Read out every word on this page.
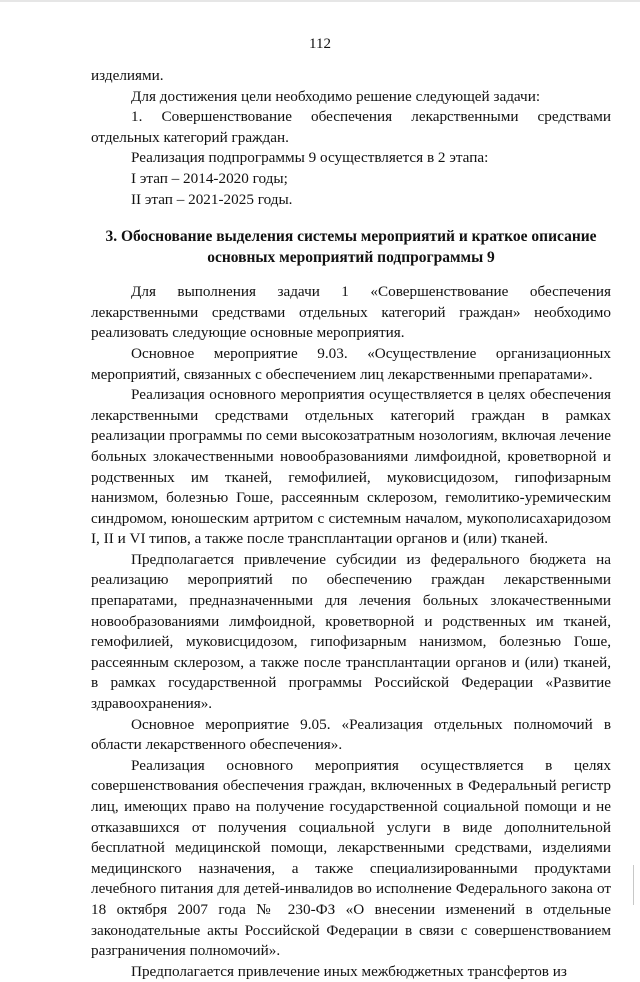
112

изделиями.

Для достижения цели необходимо решение следующей задачи:

1. Совершенствование обеспечения лекарственными средствами отдельных категорий граждан.

Реализация подпрограммы 9 осуществляется в 2 этапа:

I этап – 2014-2020 годы;

II этап – 2021-2025 годы.

3. Обоснование выделения системы мероприятий и краткое описание основных мероприятий подпрограммы 9

Для выполнения задачи 1 «Совершенствование обеспечения лекарственными средствами отдельных категорий граждан» необходимо реализовать следующие основные мероприятия.

Основное мероприятие 9.03. «Осуществление организационных мероприятий, связанных с обеспечением лиц лекарственными препаратами».

Реализация основного мероприятия осуществляется в целях обеспечения лекарственными средствами отдельных категорий граждан в рамках реализации программы по семи высокозатратным нозологиям, включая лечение больных злокачественными новообразованиями лимфоидной, кроветворной и родственных им тканей, гемофилией, муковисцидозом, гипофизарным нанизмом, болезнью Гоше, рассеянным склерозом, гемолитико-уремическим синдромом, юношеским артритом с системным началом, мукополисахаридозом I, II и VI типов, а также после трансплантации органов и (или) тканей.

Предполагается привлечение субсидии из федерального бюджета на реализацию мероприятий по обеспечению граждан лекарственными препаратами, предназначенными для лечения больных злокачественными новообразованиями лимфоидной, кроветворной и родственных им тканей, гемофилией, муковисцидозом, гипофизарным нанизмом, болезнью Гоше, рассеянным склерозом, а также после трансплантации органов и (или) тканей, в рамках государственной программы Российской Федерации «Развитие здравоохранения».

Основное мероприятие 9.05. «Реализация отдельных полномочий в области лекарственного обеспечения».

Реализация основного мероприятия осуществляется в целях совершенствования обеспечения граждан, включенных в Федеральный регистр лиц, имеющих право на получение государственной социальной помощи и не отказавшихся от получения социальной услуги в виде дополнительной бесплатной медицинской помощи, лекарственными средствами, изделиями медицинского назначения, а также специализированными продуктами лечебного питания для детей-инвалидов во исполнение Федерального закона от 18 октября 2007 года № 230-ФЗ «О внесении изменений в отдельные законодательные акты Российской Федерации в связи с совершенствованием разграничения полномочий».

Предполагается привлечение иных межбюджетных трансфертов из
